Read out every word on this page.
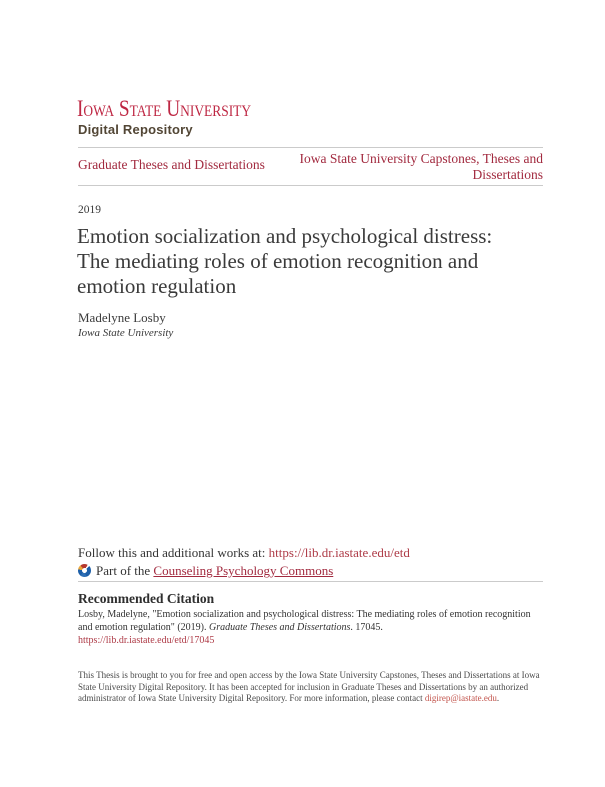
Iowa State University
Digital Repository
Graduate Theses and Dissertations	Iowa State University Capstones, Theses and
Dissertations
2019
Emotion socialization and psychological distress:
The mediating roles of emotion recognition and
emotion regulation
Madelyne Losby
Iowa State University
Follow this and additional works at: https://lib.dr.iastate.edu/etd
Part of the Counseling Psychology Commons
Recommended Citation
Losby, Madelyne, "Emotion socialization and psychological distress: The mediating roles of emotion recognition and emotion regulation" (2019). Graduate Theses and Dissertations. 17045.
https://lib.dr.iastate.edu/etd/17045
This Thesis is brought to you for free and open access by the Iowa State University Capstones, Theses and Dissertations at Iowa State University Digital Repository. It has been accepted for inclusion in Graduate Theses and Dissertations by an authorized administrator of Iowa State University Digital Repository. For more information, please contact digirep@iastate.edu.
